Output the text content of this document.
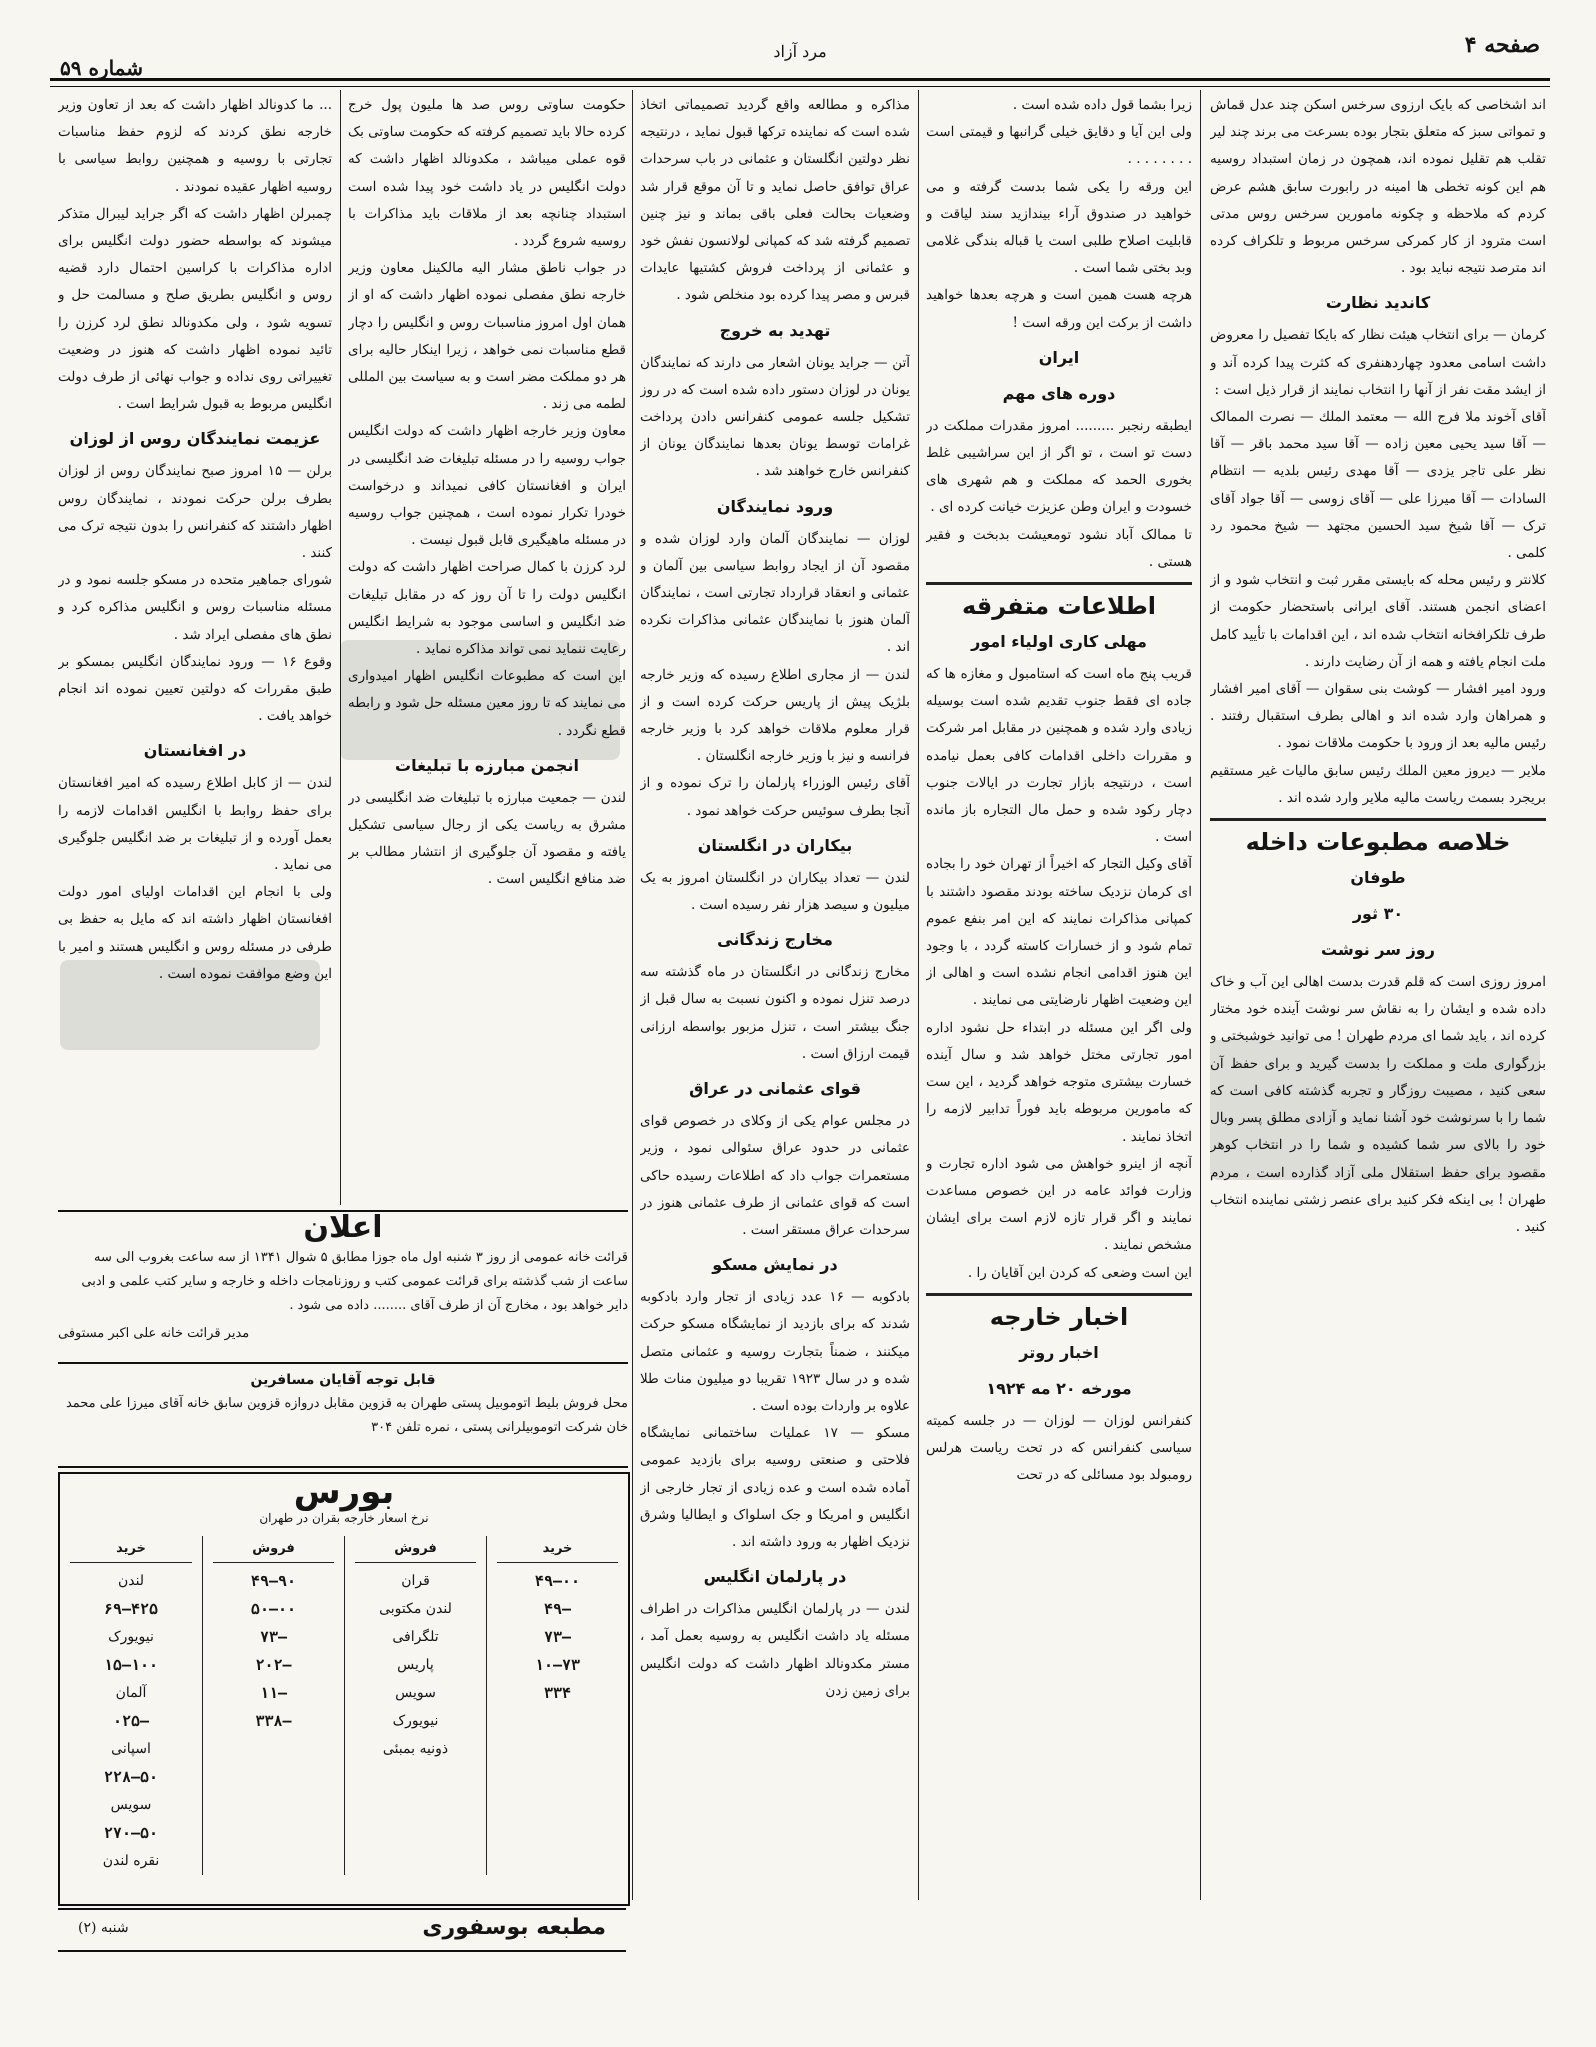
صفحه ۴
مرد آزاد
شماره ۵۹

اند اشخاصی که بایک ارزوی سرخس اسکن چند عدل قماش و تمواتی سبز که متعلق بتجار بوده بسرعت می برند چند لیر تقلب هم تقلیل نموده اند، همچون در زمان استبداد روسیه هم این کونه تخطی ها امینه در رابورت سابق هشم عرض کردم که ملاحظه و چکونه مامورین سرخس روس مدتی است مترود از کار کمرکی سرخس مربوط و تلکراف کرده اند مترصد نتیجه نباید بود .

کاندید نظارت

کرمان — برای انتخاب هیئت نظار که بایکا تفصیل را معروض داشت اسامی معدود چهاردهنفری که کثرت پیدا کرده آند و از ایشد مقت نفر از آنها را انتخاب نمایند از قرار ذیل است :

آقای آخوند ملا فرج الله — معتمد الملك — نصرت الممالک — آقا سید یحیی معین زاده — آقا سید محمد باقر — آقا نظر علی تاجر یزدی — آقا مهدی رئیس بلدیه — انتظام السادات — آقا میرزا علی — آقای زوسی — آقا جواد آقای ترک — آقا شیخ سید الحسین مجتهد — شیخ محمود رد کلمی .

کلانتر و رئیس محله که بایستی مقرر ثبت و انتخاب شود و از اعضای انجمن هستند. آقای ایرانی باستحضار حکومت از طرف تلکرافخانه انتخاب شده اند ، این اقدامات با تأیید کامل ملت انجام یافته و همه از آن رضایت دارند .

ورود امیر افشار — کوشت بنی سقوان — آقای امیر افشار و همراهان وارد شده اند و اهالی بطرف استقبال رفتند . رئیس مالیه بعد از ورود با حکومت ملاقات نمود .

ملاير — دیروز معین الملك رئیس سابق مالیات غیر مستقیم بریجرد بسمت ریاست مالیه ملایر وارد شده اند .

خلاصه مطبوعات داخله
طوفان
۳۰ ثور
روز سر نوشت

امروز روزی است که قلم قدرت بدست اهالی این آب و خاک داده شده و ایشان را به نقاش سر نوشت آینده خود مختار کرده اند ، باید شما ای مردم طهران ! می توانید خوشبختی و بزرگواری ملت و مملکت را بدست گیرید و برای حفظ آن سعی کنید ، مصیبت روزگار و تجربه گذشته کافی است که شما را با سرنوشت خود آشنا نماید و آزادی مطلق پسر وبال خود را بالای سر شما کشیده و شما را در انتخاب کوهر مقصود برای حفظ استقلال ملی آزاد گذارده است ، مردم طهران ! بی اینکه فکر کنید برای عنصر زشتی نماینده انتخاب کنید .

زیرا بشما قول داده شده است .

ولی این آیا و دقایق خیلی گرانبها و قیمتی است . . . . . . . .

این ورقه را یکی شما بدست گرفته و می خواهید در صندوق آراء بیندازید سند لیاقت و قابلیت اصلاح طلبی است یا قباله بندگی غلامی وبد بختی شما است .

هرچه هست همین است و هرچه بعدها خواهید داشت از برکت این ورقه است !

ایران
دوره های مهم

ایطبقه رنجبر ......... امروز مقدرات مملکت در دست تو است ، تو اگر از این سراشیبی غلط بخوری الحمد که مملکت و هم شهری های خسودت و ایران وطن عزیزت خیانت کرده ای .

تا ممالک آباد نشود تومعیشت بدبخت و فقیر هستی .

اطلاعات متفرقه
مهلی کاری اولیاء امور

قریب پنج ماه است که استامبول و مغازه ها که جاده ای فقط جنوب تقدیم شده است بوسیله زیادی وارد شده و همچنین در مقابل امر شرکت و مقررات داخلی اقدامات کافی بعمل نیامده است ، درنتیجه بازار تجارت در ایالات جنوب دچار رکود شده و حمل مال التجاره باز مانده است .

آقای وکیل التجار که اخیراً از تهران خود را بجاده ای کرمان نزدیک ساخته بودند مقصود داشتند با کمپانی مذاکرات نمایند که این امر بنفع عموم تمام شود و از خسارات کاسته گردد ، با وجود این هنوز اقدامی انجام نشده است و اهالی از این وضعیت اظهار نارضایتی می نمایند .

ولی اگر این مسئله در ابتداء حل نشود اداره امور تجارتی مختل خواهد شد و سال آینده خسارت بیشتری متوجه خواهد گردید ، این ست که مامورین مربوطه باید فوراً تدابیر لازمه را اتخاذ نمایند .

آنچه از اینرو خواهش می شود اداره تجارت و وزارت فوائد عامه در این خصوص مساعدت نمایند و اگر قرار تازه لازم است برای ایشان مشخص نمایند .

این است وضعی که کردن این آقایان را .

اخبار خارجه
اخبار روتر
مورخه ۲۰ مه ۱۹۲۴

کنفرانس لوزان — لوزان — در جلسه کمیته سیاسی کنفرانس که در تحت ریاست هرلس رومبولد بود مسائلی که در تحت

مذاکره و مطالعه واقع گردید تصمیماتی اتخاذ شده است که نماینده ترکها قبول نماید ، درنتیجه نظر دولتین انگلستان و عثمانی در باب سرحدات عراق توافق حاصل نماید و تا آن موقع قرار شد وضعیات بحالت فعلی باقی بماند و نیز چنین تصمیم گرفته شد که کمپانی لولانسون نفش خود و عثمانی از پرداخت فروش کشتیها عایدات قبرس و مصر پیدا کرده بود منخلص شود .

تهدید به خروج

آتن — جراید یونان اشعار می دارند که نمایندگان یونان در لوزان دستور داده شده است که در روز تشکیل جلسه عمومی کنفرانس دادن پرداخت غرامات توسط یونان بعدها نمایندگان یونان از کنفرانس خارج خواهند شد .

ورود نمایندگان

لوزان — نمایندگان آلمان وارد لوزان شده و مقصود آن از ایجاد روابط سیاسی بین آلمان و عثمانی و انعقاد قرارداد تجارتی است ، نمایندگان آلمان هنوز با نمایندگان عثمانی مذاکرات نکرده اند .

لندن — از مجاری اطلاع رسیده که وزیر خارجه بلژیک پیش از پاریس حرکت کرده است و از قرار معلوم ملاقات خواهد کرد با وزیر خارجه فرانسه و نیز با وزیر خارجه انگلستان .

آقای رئیس الوزراء پارلمان را ترک نموده و از آنجا بطرف سوئیس حرکت خواهد نمود .

بیکاران در انگلستان

لندن — تعداد بیکاران در انگلستان امروز به یک میلیون و سیصد هزار نفر رسیده است .

مخارج زندگانی

مخارج زندگانی در انگلستان در ماه گذشته سه درصد تنزل نموده و اکنون نسبت به سال قبل از جنگ بیشتر است ، تنزل مزبور بواسطه ارزانی قیمت ارزاق است .

قوای عثمانی در عراق

در مجلس عوام یکی از وکلای در خصوص قوای عثمانی در حدود عراق سئوالی نمود ، وزیر مستعمرات جواب داد که اطلاعات رسیده حاکی است که قوای عثمانی از طرف عثمانی هنوز در سرحدات عراق مستقر است .

در نمایش مسکو

بادکوبه — ۱۶ عدد زیادی از تجار وارد بادکوبه شدند که برای بازدید از نمایشگاه مسکو حرکت میکنند ، ضمناً بتجارت روسیه و عثمانی متصل شده و در سال ۱۹۲۳ تقریبا دو میلیون منات طلا علاوه بر واردات بوده است .

مسکو — ۱۷ عملیات ساختمانی نمایشگاه فلاحتی و صنعتی روسیه برای بازدید عمومی آماده شده است و عده زیادی از تجار خارجی از انگلیس و امریکا و جک اسلواک و ایطالیا وشرق نزدیک اظهار به ورود داشته اند .

در پارلمان انگلیس

لندن — در پارلمان انگلیس مذاکرات در اطراف مسئله یاد داشت انگلیس به روسیه بعمل آمد ، مستر مکدونالد اظهار داشت که دولت انگلیس برای زمین زدن

حکومت ساوتی روس صد ها مليون پول خرج کرده حالا باید تصمیم کرفته که حکومت ساوتی بک قوه عملی میباشد ، مکدونالد اظهار داشت که دولت انگلیس در یاد داشت خود پیدا شده است استبداد چنانچه بعد از ملاقات باید مذاکرات با روسیه شروع گردد .

در جواب ناطق مشار الیه مالکینل معاون وزیر خارجه نطق مفصلی نموده اظهار داشت که او از همان اول امروز مناسبات روس و انگلیس را دچار قطع مناسبات نمی خواهد ، زیرا اینکار حالیه برای هر دو مملکت مضر است و به سیاست بین المللی لطمه می زند .

معاون وزیر خارجه اظهار داشت که دولت انگلیس جواب روسیه را در مسئله تبلیغات ضد انگلیسی در ایران و افغانستان کافی نمیداند و درخواست خودرا تکرار نموده است ، همچنین جواب روسیه در مسئله ماهیگیری قابل قبول نیست .

لرد کرزن با کمال صراحت اظهار داشت که دولت انگلیس دولت را تا آن روز که در مقابل تبلیغات ضد انگلیس و اساسی موجود به شرایط انگلیس رعایت ننماید نمی تواند مذاکره نماید .

این است که مطبوعات انگلیس اظهار امیدواری می نمایند که تا روز معین مسئله حل شود و رابطه قطع نگردد .

انجمن مبارزه با تبلیغات

لندن — جمعیت مبارزه با تبلیغات ضد انگلیسی در مشرق به ریاست یکی از رجال سیاسی تشکیل یافته و مقصود آن جلوگیری از انتشار مطالب بر ضد منافع انگلیس است .

... ما کدونالد اظهار داشت که بعد از تعاون وزیر خارجه نطق کردند که لزوم حفظ مناسبات تجارتی با روسیه و همچنین روابط سیاسی با روسیه اظهار عقیده نمودند .

چمبرلن اظهار داشت که اگر جراید لیبرال متذکر میشوند که بواسطه حضور دولت انگلیس برای اداره مذاکرات با کراسین احتمال دارد قضیه روس و انگلیس بطریق صلح و مسالمت حل و تسویه شود ، ولی مکدونالد نطق لرد کرزن را تائید نموده اظهار داشت که هنوز در وضعیت تغییراتی روی نداده و جواب نهائی از طرف دولت انگلیس مربوط به قبول شرایط است .

عزیمت نمایندگان روس از لوزان

برلن — ۱۵ امروز صبح نمایندگان روس از لوزان بطرف برلن حرکت نمودند ، نمایندگان روس اظهار داشتند که کنفرانس را بدون نتیجه ترک می کنند .

شورای جماهیر متحده در مسکو جلسه نمود و در مسئله مناسبات روس و انگلیس مذاکره کرد و نطق های مفصلی ایراد شد .

وقوع ۱۶ — ورود نمایندگان انگلیس بمسکو بر طبق مقررات که دولتین تعیین نموده اند انجام خواهد یافت .

در افغانستان

لندن — از کابل اطلاع رسیده که امیر افغانستان برای حفظ روابط با انگلیس اقدامات لازمه را بعمل آورده و از تبلیغات بر ضد انگلیس جلوگیری می نماید .

ولی با انجام این اقدامات اولیای امور دولت افغانستان اظهار داشته اند که مایل به حفظ بی طرفی در مسئله روس و انگلیس هستند و امیر با این وضع موافقت نموده است .

اعلان
قرائت خانه عمومی از روز ۳ شنبه اول ماه جوزا مطابق ۵ شوال ۱۳۴۱ از سه ساعت بغروب الی سه ساعت از شب گذشته برای قرائت عمومی کتب و روزنامجات داخله و خارجه و سایر کتب علمی و ادبی دایر خواهد بود ، مخارج آن از طرف آقای ........ داده می شود .
مدیر قرائت خانه علی اکبر مستوفی
قابل توجه آقایان مسافرین
محل فروش بلیط اتوموبیل پستی طهران به قزوین مقابل دروازه قزوین سابق خانه آقای میرزا علی محمد خان شرکت اتوموبیلرانی پستی ، نمره تلفن ۳۰۴
بورس
نرخ اسعار خارجه بقران در طهران
خرید
۰۰—۴۹
—۴۹
—۷۳
۷۳—۱۰
۳۳۴
فروش
قران
لندن مکتوبی
تلگرافی
پاریس
سویس
نیویورک
ذونیه بمبئی
فروش
۹۰—۴۹
۰۰—۵۰
—۷۳
—۲۰۲
—۱۱
—۳۳۸
خرید
لندن
۴۲۵—۶۹
نیویورک
۱۰۰—۱۵
آلمان
—۰۲۵
اسپانی
۵۰—۲۲۸
سویس
۵۰—۲۷۰
نقره لندن
مطبعه بوسفوری
شنبه (۲)
